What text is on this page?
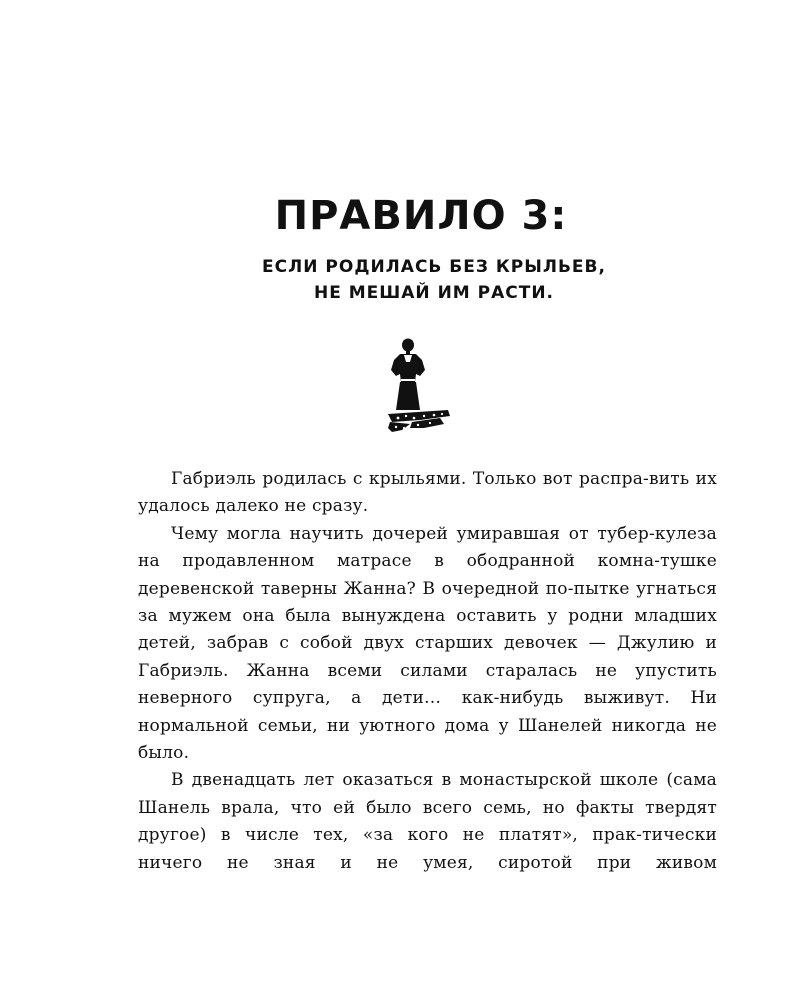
ПРАВИЛО 3:
ЕСЛИ РОДИЛАСЬ БЕЗ КРЫЛЬЕВ,
НЕ МЕШАЙ ИМ РАСТИ.

Габриэль родилась с крыльями. Только вот распра-вить их удалось далеко не сразу.

Чему могла научить дочерей умиравшая от тубер-кулеза на продавленном матрасе в ободранной комна-тушке деревенской таверны Жанна? В очередной по-пытке угнаться за мужем она была вынуждена оставить у родни младших детей, забрав с собой двух старших девочек — Джулию и Габриэль. Жанна всеми силами старалась не упустить неверного супруга, а дети… как-нибудь выживут. Ни нормальной семьи, ни уютного дома у Шанелей никогда не было.

В двенадцать лет оказаться в монастырской школе (сама Шанель врала, что ей было всего семь, но факты твердят другое) в числе тех, «за кого не платят», прак-тически ничего не зная и не умея, сиротой при живом
